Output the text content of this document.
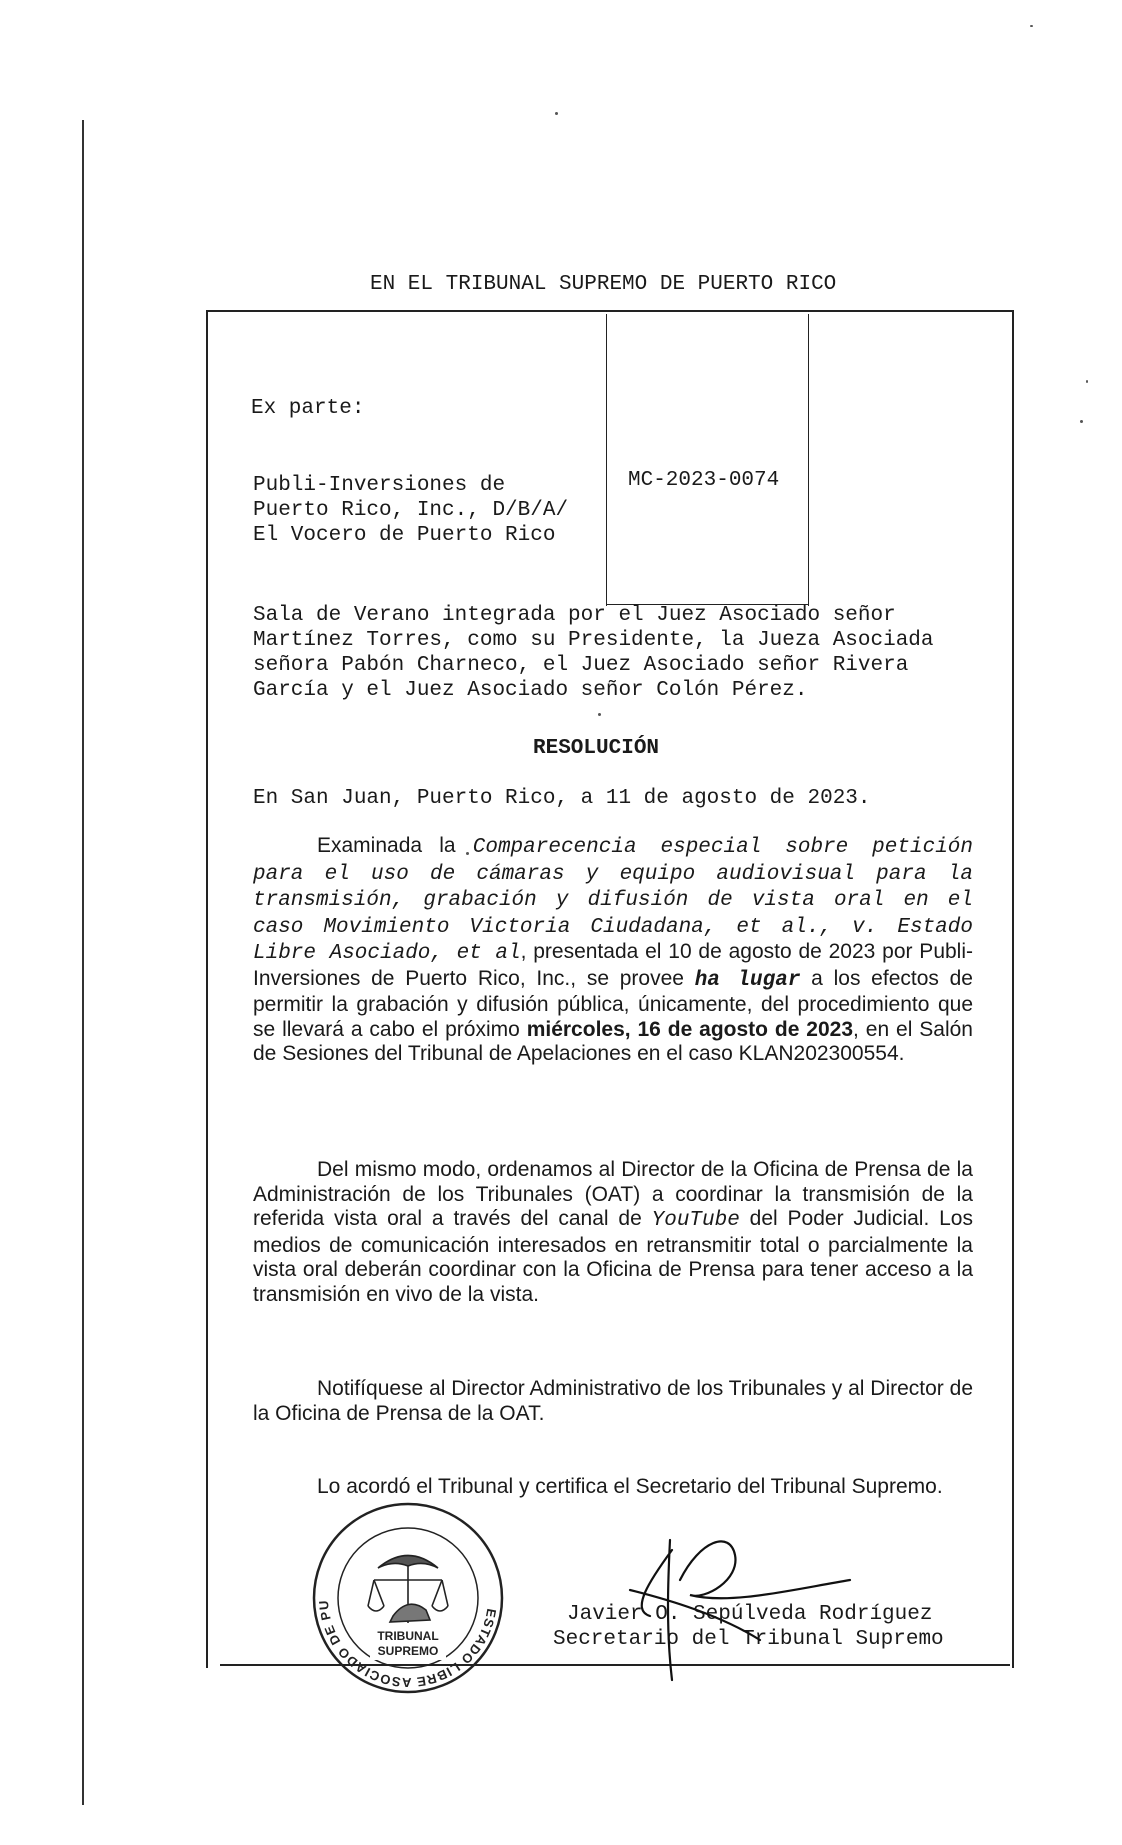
EN EL TRIBUNAL SUPREMO DE PUERTO RICO
Ex parte:
Publi-Inversiones de
Puerto Rico, Inc., D/B/A/
El Vocero de Puerto Rico
MC-2023-0074
Sala de Verano integrada por el Juez Asociado señor
Martínez Torres, como su Presidente, la Jueza Asociada
señora Pabón Charneco, el Juez Asociado señor Rivera
García y el Juez Asociado señor Colón Pérez.
RESOLUCIÓN
En San Juan, Puerto Rico, a 11 de agosto de 2023.

Examinada la Comparecencia especial sobre petición para el uso de cámaras y equipo audiovisual para la transmisión, grabación y difusión de vista oral en el caso Movimiento Victoria Ciudadana, et al., v. Estado Libre Asociado, et al, presentada el 10 de agosto de 2023 por Publi-Inversiones de Puerto Rico, Inc., se provee ha lugar a los efectos de permitir la grabación y difusión pública, únicamente, del procedimiento que se llevará a cabo el próximo miércoles, 16 de agosto de 2023, en el Salón de Sesiones del Tribunal de Apelaciones en el caso KLAN202300554.

Del mismo modo, ordenamos al Director de la Oficina de Prensa de la Administración de los Tribunales (OAT) a coordinar la transmisión de la referida vista oral a través del canal de YouTube del Poder Judicial. Los medios de comunicación interesados en retransmitir total o parcialmente la vista oral deberán coordinar con la Oficina de Prensa para tener acceso a la transmisión en vivo de la vista.

Notifíquese al Director Administrativo de los Tribunales y al Director de la Oficina de Prensa de la OAT.

Lo acordó el Tribunal y certifica el Secretario del Tribunal Supremo.

ESTADO LIBRE ASOCIADO DE PU
TRIBUNAL
SUPREMO
Javier O. Sepúlveda Rodríguez
Secretario del Tribunal Supremo
